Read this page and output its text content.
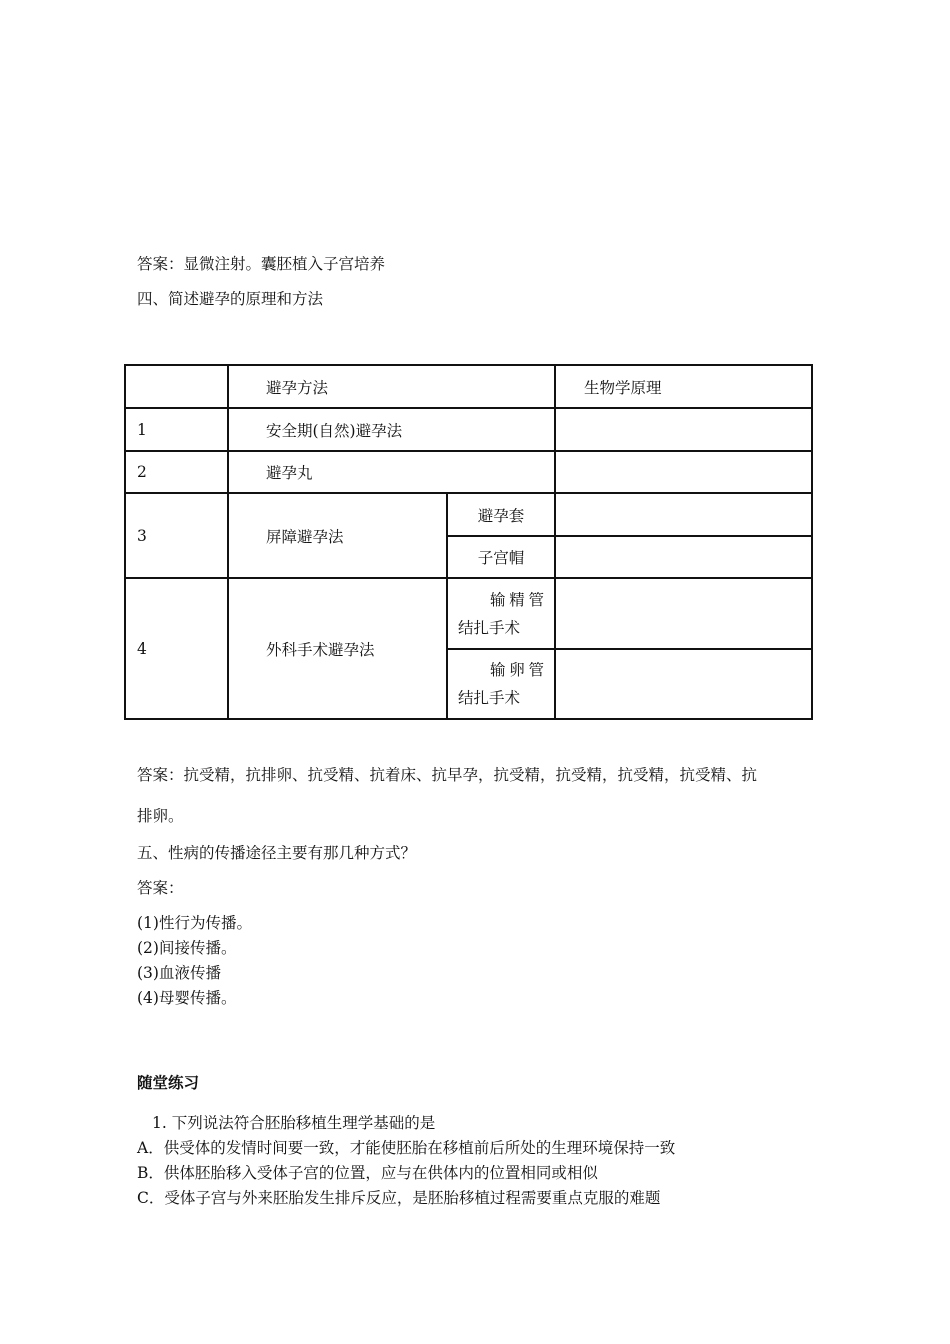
答案：显微注射。囊胚植入子宫培养
四、简述避孕的原理和方法
	避孕方法		生物学原理
1	安全期(自然)避孕法		
2	避孕丸		
3	屏障避孕法	避孕套	
		子宫帽	
4	外科手术避孕法	输精管
结扎手术	

		输卵管
结扎手术	

答案：抗受精，抗排卵、抗受精、抗着床、抗早孕，抗受精，抗受精，抗受精，抗受精、抗
排卵。
五、性病的传播途径主要有那几种方式？
答案：
(1)性行为传播。
(2)间接传播。
(3)血液传播
(4)母婴传播。
随堂练习
1. 下列说法符合胚胎移植生理学基础的是
A．供受体的发情时间要一致，才能使胚胎在移植前后所处的生理环境保持一致
B．供体胚胎移入受体子宫的位置，应与在供体内的位置相同或相似
C．受体子宫与外来胚胎发生排斥反应，是胚胎移植过程需要重点克服的难题
